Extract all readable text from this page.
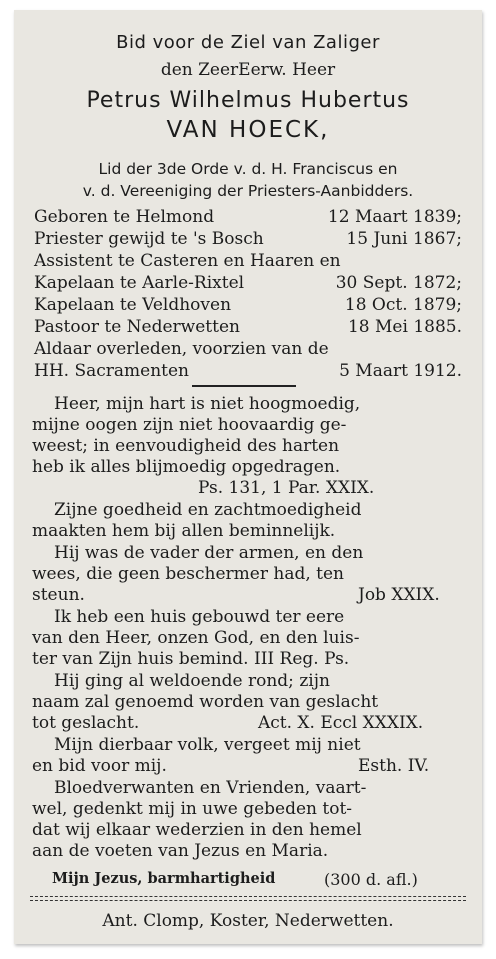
Bid voor de Ziel van Zaliger
den ZeerEerw. Heer
Petrus Wilhelmus Hubertus
VAN HOECK,
Lid der 3de Orde v. d. H. Franciscus en
v. d. Vereeniging der Priesters-Aanbidders.
Geboren te Helmond	12 Maart 1839;
Priester gewijd te 's Bosch	15 Juni 1867;
Assistent te Casteren en Haaren en
Kapelaan te Aarle-Rixtel	30 Sept. 1872;
Kapelaan te Veldhoven	18 Oct. 1879;
Pastoor te Nederwetten	18 Mei 1885.
Aldaar overleden, voorzien van de
HH. Sacramenten	5 Maart 1912.
Heer, mijn hart is niet hoogmoedig,
mijne oogen zijn niet hoovaardig ge-
weest; in eenvoudigheid des harten
heb ik alles blijmoedig opgedragen.
Ps. 131, 1 Par. XXIX.
Zijne goedheid en zachtmoedigheid
maakten hem bij allen beminnelijk.
Hij was de vader der armen, en den
wees, die geen beschermer had, ten
steun.	Job XXIX.
Ik heb een huis gebouwd ter eere
van den Heer, onzen God, en den luis-
ter van Zijn huis bemind. III Reg. Ps.
Hij ging al weldoende rond; zijn
naam zal genoemd worden van geslacht
tot geslacht.	Act. X. Eccl XXXIX.
Mijn dierbaar volk, vergeet mij niet
en bid voor mij.	Esth. IV.
Bloedverwanten en Vrienden, vaart-
wel, gedenkt mij in uwe gebeden tot-
dat wij elkaar wederzien in den hemel
aan de voeten van Jezus en Maria.
Mijn Jezus, barmhartigheid	(300 d. afl.)
Ant. Clomp, Koster, Nederwetten.
